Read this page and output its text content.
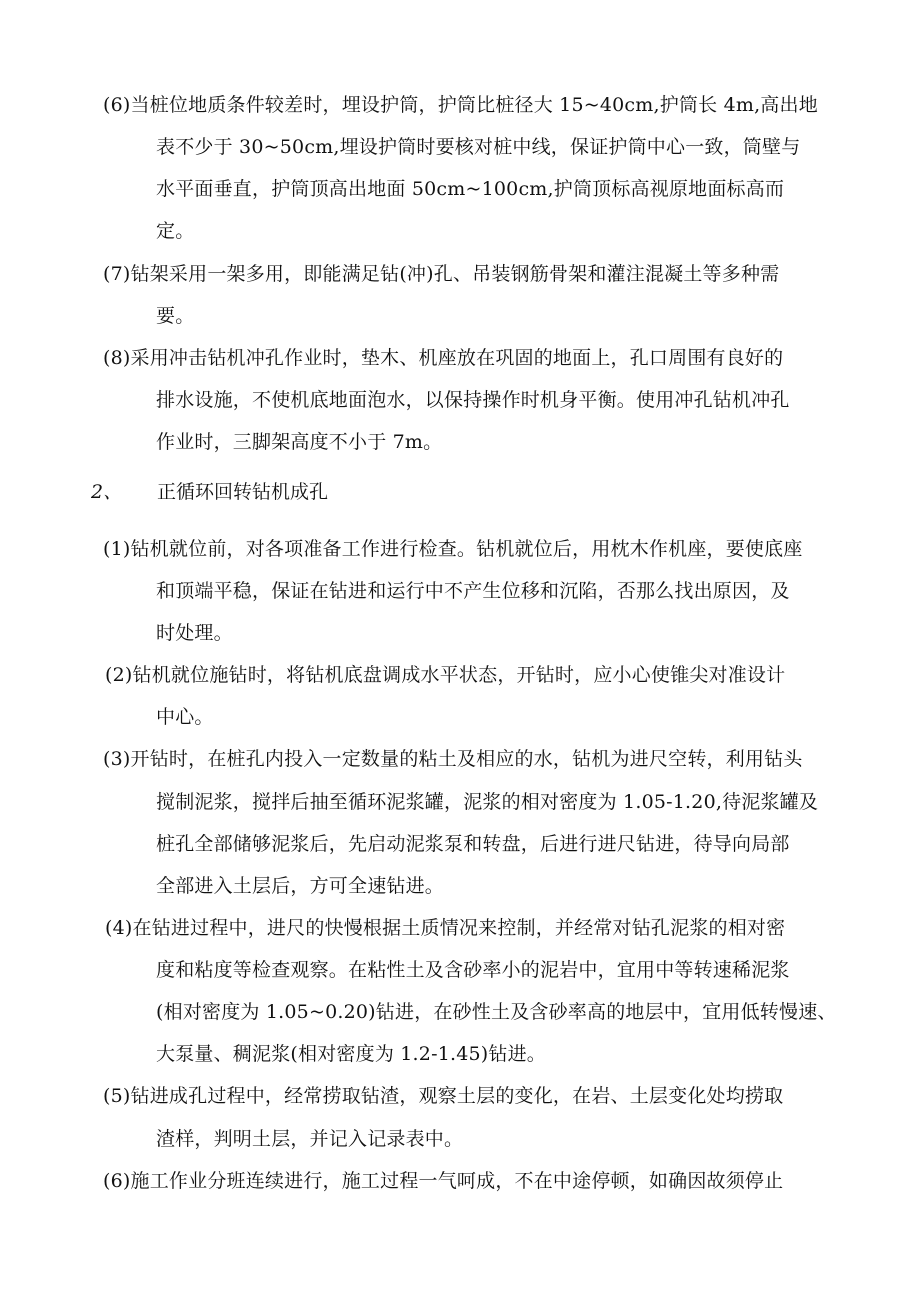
(6)当桩位地质条件较差时，埋设护筒，护筒比桩径大 15~40cm,护筒长 4m,高出地
表不少于 30~50cm,埋设护筒时要核对桩中线，保证护筒中心一致，筒壁与
水平面垂直，护筒顶高出地面 50cm~100cm,护筒顶标高视原地面标高而
定。
(7)钻架采用一架多用，即能满足钻(冲)孔、吊装钢筋骨架和灌注混凝土等多种需
要。
(8)采用冲击钻机冲孔作业时，垫木、机座放在巩固的地面上，孔口周围有良好的
排水设施，不使机底地面泡水，以保持操作时机身平衡。使用冲孔钻机冲孔
作业时，三脚架高度不小于 7m。
2、 正循环回转钻机成孔
(1)钻机就位前，对各项准备工作进行检查。钻机就位后，用枕木作机座，要使底座
和顶端平稳，保证在钻进和运行中不产生位移和沉陷，否那么找出原因，及
时处理。
(2)钻机就位施钻时，将钻机底盘调成水平状态，开钻时，应小心使锥尖对准设计
中心。
(3)开钻时，在桩孔内投入一定数量的粘土及相应的水，钻机为进尺空转，利用钻头
搅制泥浆，搅拌后抽至循环泥浆罐，泥浆的相对密度为 1.05-1.20,待泥浆罐及
桩孔全部储够泥浆后，先启动泥浆泵和转盘，后进行进尺钻进，待导向局部
全部进入土层后，方可全速钻进。
(4)在钻进过程中，进尺的快慢根据土质情况来控制，并经常对钻孔泥浆的相对密
度和粘度等检查观察。在粘性土及含砂率小的泥岩中，宜用中等转速稀泥浆
(相对密度为 1.05~0.20)钻进，在砂性土及含砂率高的地层中，宜用低转慢速、
大泵量、稠泥浆(相对密度为 1.2-1.45)钻进。
(5)钻进成孔过程中，经常捞取钻渣，观察土层的变化，在岩、土层变化处均捞取
渣样，判明土层，并记入记录表中。
(6)施工作业分班连续进行，施工过程一气呵成，不在中途停顿，如确因故须停止
